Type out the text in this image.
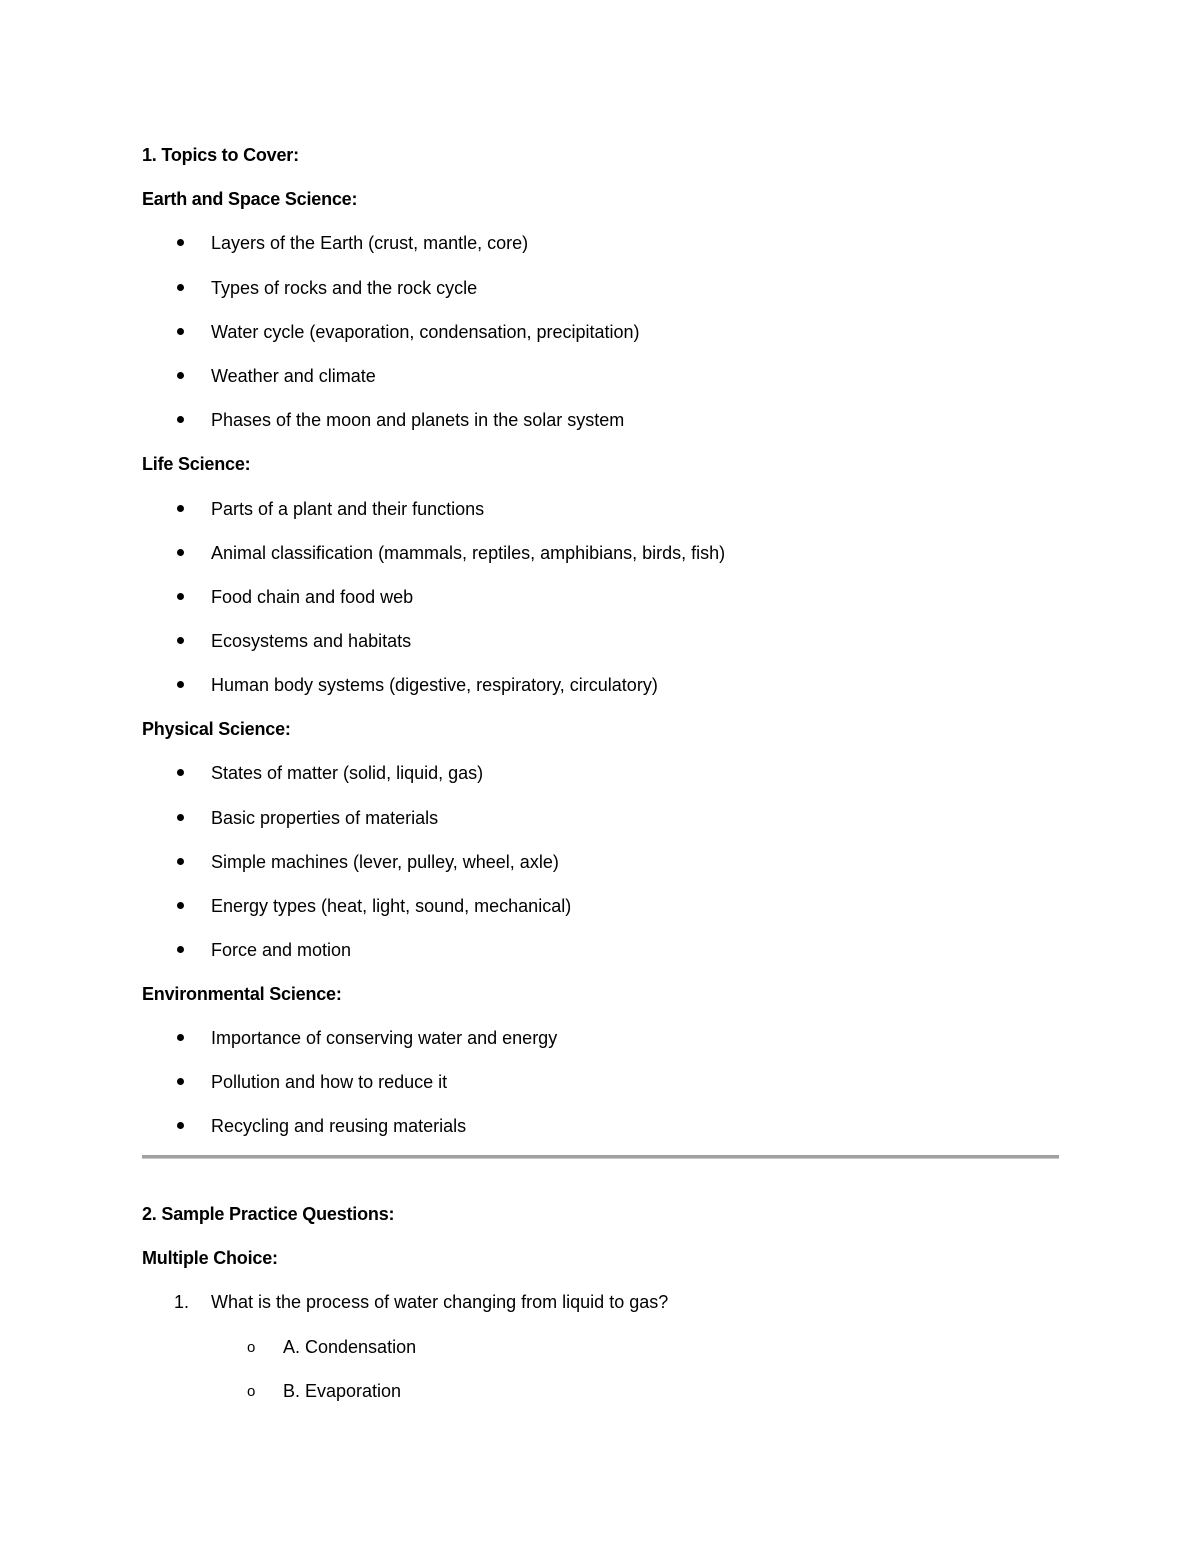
1. Topics to Cover:
Earth and Space Science:
Layers of the Earth (crust, mantle, core)
Types of rocks and the rock cycle
Water cycle (evaporation, condensation, precipitation)
Weather and climate
Phases of the moon and planets in the solar system
Life Science:
Parts of a plant and their functions
Animal classification (mammals, reptiles, amphibians, birds, fish)
Food chain and food web
Ecosystems and habitats
Human body systems (digestive, respiratory, circulatory)
Physical Science:
States of matter (solid, liquid, gas)
Basic properties of materials
Simple machines (lever, pulley, wheel, axle)
Energy types (heat, light, sound, mechanical)
Force and motion
Environmental Science:
Importance of conserving water and energy
Pollution and how to reduce it
Recycling and reusing materials
2. Sample Practice Questions:
Multiple Choice:
1. What is the process of water changing from liquid to gas?
o A. Condensation
o B. Evaporation
